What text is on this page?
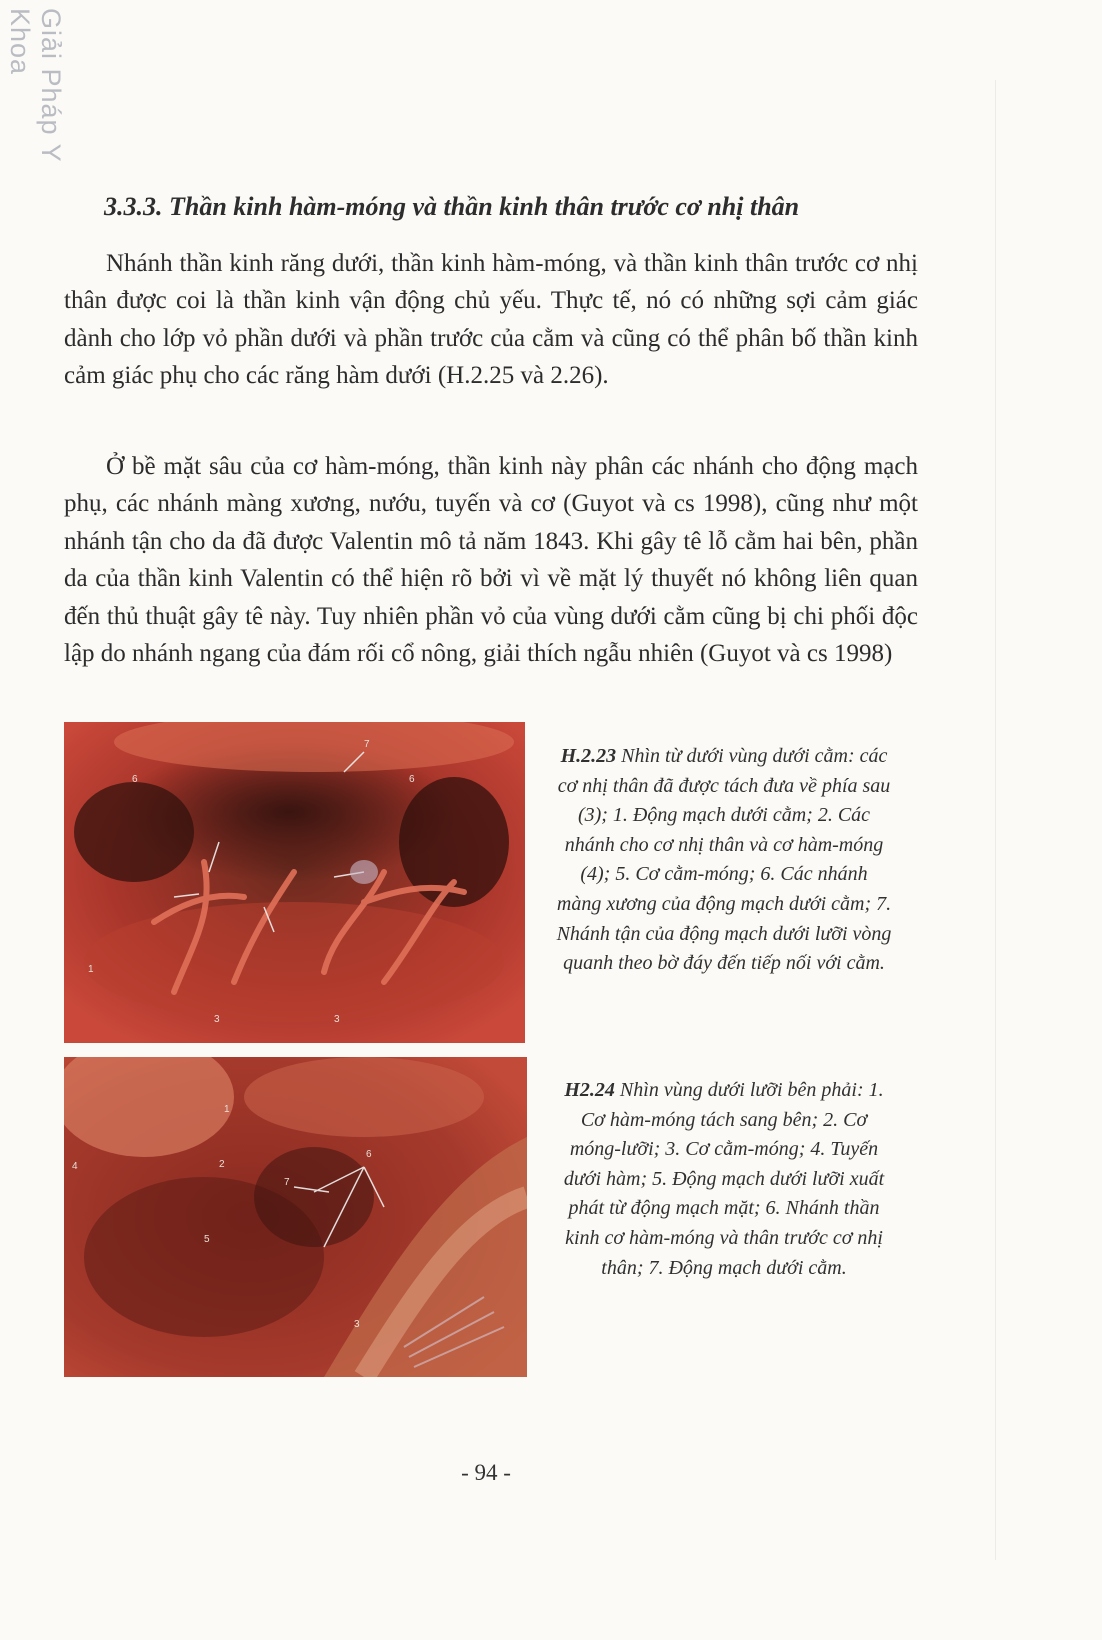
Giải Pháp Y Khoa
3.3.3. Thần kinh hàm-móng và thần kinh thân trước cơ nhị thân

Nhánh thần kinh răng dưới, thần kinh hàm-móng, và thần kinh thân trước cơ nhị thân được coi là thần kinh vận động chủ yếu. Thực tế, nó có những sợi cảm giác dành cho lớp vỏ phần dưới và phần trước của cằm và cũng có thể phân bố thần kinh cảm giác phụ cho các răng hàm dưới (H.2.25 và 2.26).

Ở bề mặt sâu của cơ hàm-móng, thần kinh này phân các nhánh cho động mạch phụ, các nhánh màng xương, nướu, tuyến và cơ (Guyot và cs 1998), cũng như một nhánh tận cho da đã được Valentin mô tả năm 1843. Khi gây tê lỗ cằm hai bên, phần da của thần kinh Valentin có thể hiện rõ bởi vì về mặt lý thuyết nó không liên quan đến thủ thuật gây tê này. Tuy nhiên phần vỏ của vùng dưới cằm cũng bị chi phối độc lập do nhánh ngang của đám rối cổ nông, giải thích ngẫu nhiên (Guyot và cs 1998)

1
3	3
6	6
7
H.2.23 Nhìn từ dưới vùng dưới cằm: các cơ nhị thân đã được tách đưa về phía sau (3); 1. Động mạch dưới cằm; 2. Các nhánh cho cơ nhị thân và cơ hàm-móng (4); 5. Cơ cằm-móng; 6. Các nhánh màng xương của động mạch dưới cằm; 7. Nhánh tận của động mạch dưới lưỡi vòng quanh theo bờ đáy đến tiếp nối với cằm.
1
2
3
4
5
6
7
H2.24 Nhìn vùng dưới lưỡi bên phải: 1. Cơ hàm-móng tách sang bên; 2. Cơ móng-lưỡi; 3. Cơ cằm-móng; 4. Tuyến dưới hàm; 5. Động mạch dưới lưỡi xuất phát từ động mạch mặt; 6. Nhánh thần kinh cơ hàm-móng và thân trước cơ nhị thân; 7. Động mạch dưới cằm.
- 94 -
